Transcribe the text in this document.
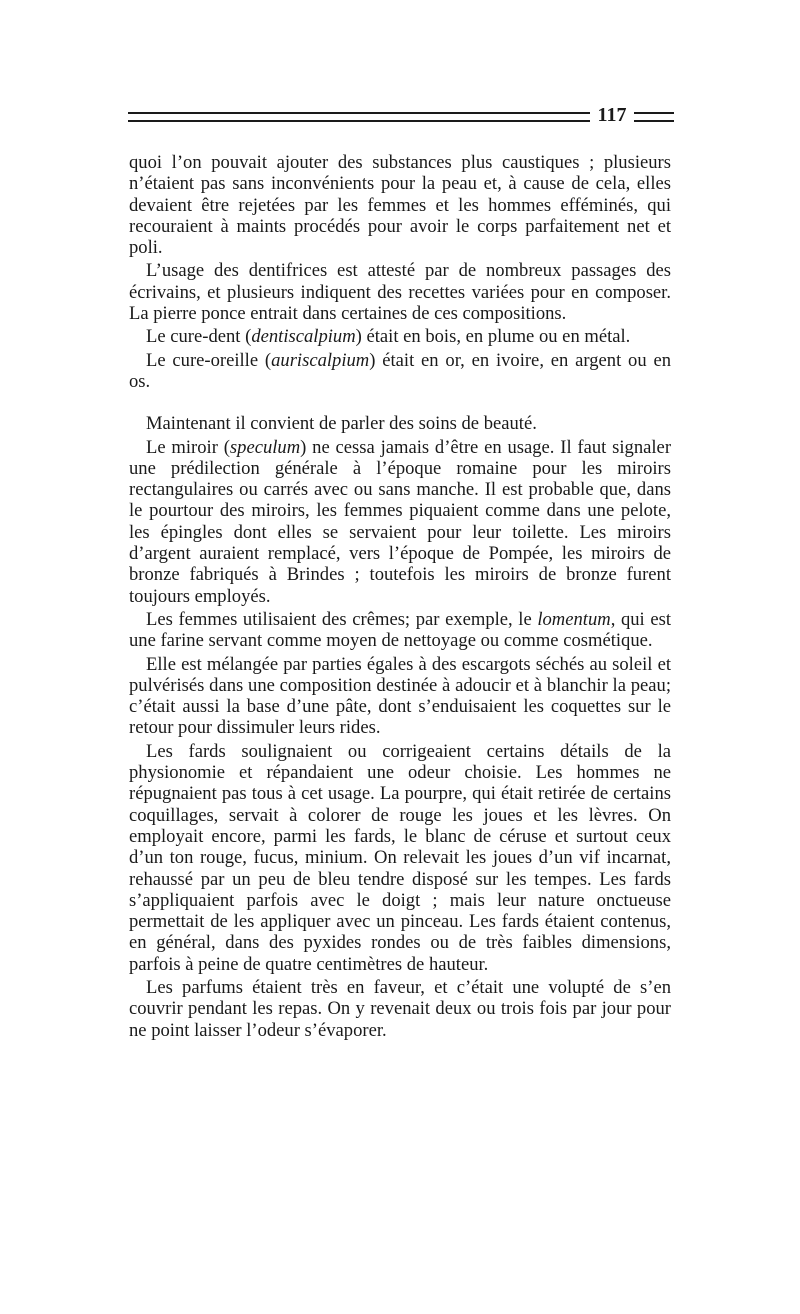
117

quoi l’on pouvait ajouter des substances plus caustiques ; plusieurs n’étaient pas sans inconvénients pour la peau et, à cause de cela, elles devaient être rejetées par les femmes et les hommes efféminés, qui recouraient à maints procédés pour avoir le corps parfaitement net et poli.

L’usage des dentifrices est attesté par de nombreux passages des écrivains, et plusieurs indiquent des recettes variées pour en composer. La pierre ponce entrait dans certaines de ces compositions.

Le cure-dent (dentiscalpium) était en bois, en plume ou en métal.

Le cure-oreille (auriscalpium) était en or, en ivoire, en argent ou en os.

Maintenant il convient de parler des soins de beauté.

Le miroir (speculum) ne cessa jamais d’être en usage. Il faut signaler une prédilection générale à l’époque romaine pour les miroirs rectangulaires ou carrés avec ou sans manche. Il est probable que, dans le pourtour des miroirs, les femmes piquaient comme dans une pelote, les épingles dont elles se servaient pour leur toilette. Les miroirs d’argent auraient remplacé, vers l’époque de Pompée, les miroirs de bronze fabriqués à Brindes ; toutefois les miroirs de bronze furent toujours employés.

Les femmes utilisaient des crêmes; par exemple, le lomentum, qui est une farine servant comme moyen de nettoyage ou comme cosmétique.

Elle est mélangée par parties égales à des escargots séchés au soleil et pulvérisés dans une composition destinée à adoucir et à blanchir la peau; c’était aussi la base d’une pâte, dont s’enduisaient les coquettes sur le retour pour dissimuler leurs rides.

Les fards soulignaient ou corrigeaient certains détails de la physionomie et répandaient une odeur choisie. Les hommes ne répugnaient pas tous à cet usage. La pourpre, qui était retirée de certains coquillages, servait à colorer de rouge les joues et les lèvres. On employait encore, parmi les fards, le blanc de céruse et surtout ceux d’un ton rouge, fucus, minium. On relevait les joues d’un vif incarnat, rehaussé par un peu de bleu tendre disposé sur les tempes. Les fards s’appliquaient parfois avec le doigt ; mais leur nature onctueuse permettait de les appliquer avec un pinceau. Les fards étaient contenus, en général, dans des pyxides rondes ou de très faibles dimensions, parfois à peine de quatre centimètres de hauteur.

Les parfums étaient très en faveur, et c’était une volupté de s’en couvrir pendant les repas. On y revenait deux ou trois fois par jour pour ne point laisser l’odeur s’évaporer.
